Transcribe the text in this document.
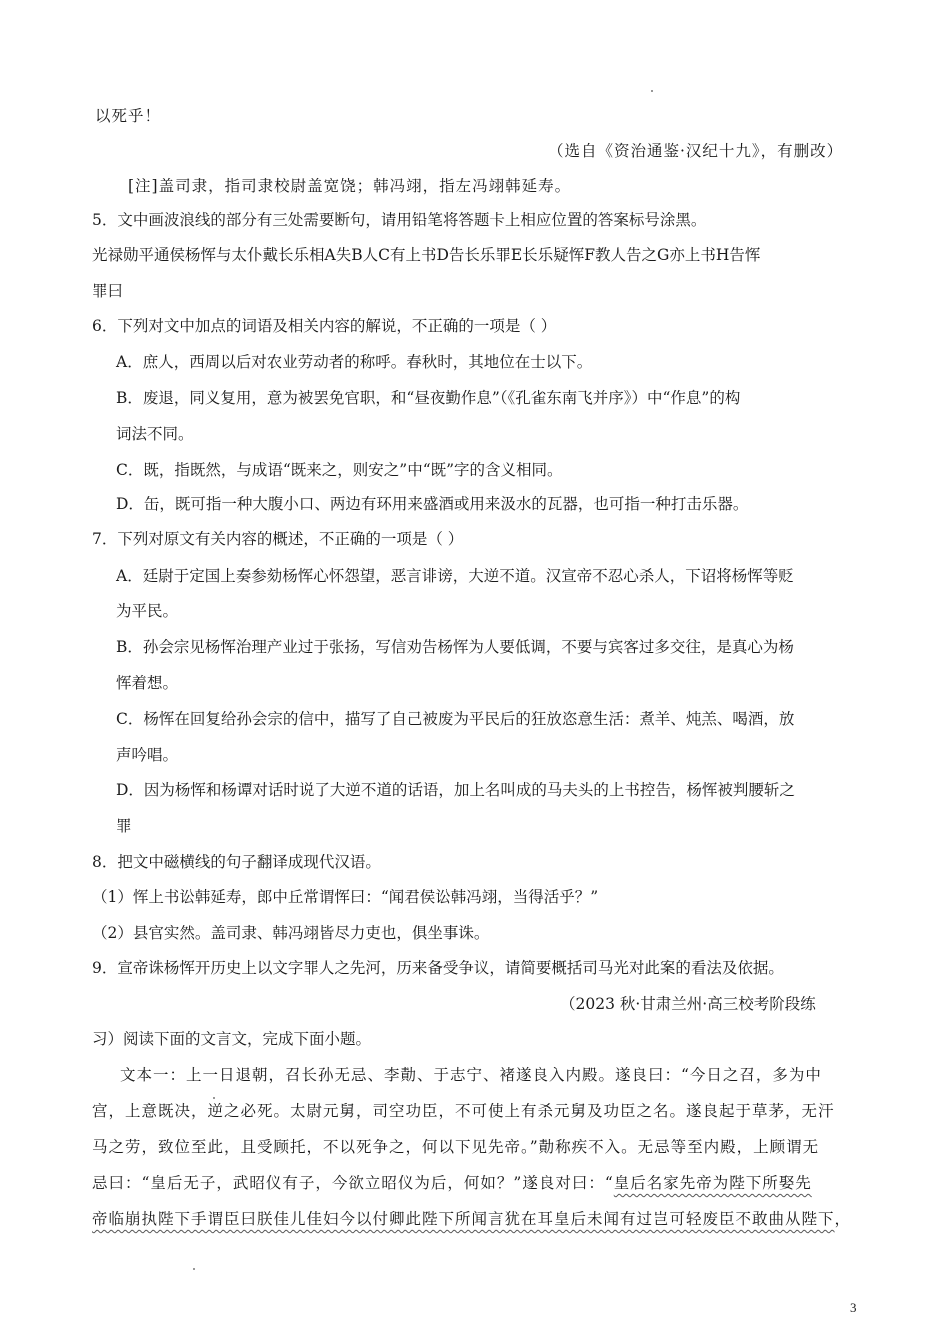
以死乎！
（选自《资治通鉴·汉纪十九》，有删改）
[注]盖司隶，指司隶校尉盖宽饶；韩冯翊，指左冯翊韩延寿。
5．文中画波浪线的部分有三处需要断句，请用铅笔将答题卡上相应位置的答案标号涂黑。
光禄勋平通侯杨恽与太仆戴长乐相A失B人C有上书D告长乐罪E长乐疑恽F教人告之G亦上书H告恽
罪曰
6．下列对文中加点的词语及相关内容的解说，不正确的一项是（ ）
A．庶人，西周以后对农业劳动者的称呼。春秋时，其地位在士以下。
B．废退，同义复用，意为被罢免官职，和“昼夜勤作息”（《孔雀东南飞并序》）中“作息”的构
词法不同。
C．既，指既然，与成语“既来之，则安之”中“既”字的含义相同。
D．缶，既可指一种大腹小口、两边有环用来盛酒或用来汲水的瓦器，也可指一种打击乐器。
7．下列对原文有关内容的概述，不正确的一项是（ ）
A．廷尉于定国上奏参劾杨恽心怀怨望，恶言诽谤，大逆不道。汉宣帝不忍心杀人，下诏将杨恽等贬
为平民。
B．孙会宗见杨恽治理产业过于张扬，写信劝告杨恽为人要低调，不要与宾客过多交往，是真心为杨
恽着想。
C．杨恽在回复给孙会宗的信中，描写了自己被废为平民后的狂放恣意生活：煮羊、炖羔、喝酒，放
声吟唱。
D．因为杨恽和杨谭对话时说了大逆不道的话语，加上名叫成的马夫头的上书控告，杨恽被判腰斩之
罪
8．把文中磁横线的句子翻译成现代汉语。
（1）恽上书讼韩延寿，郎中丘常谓恽曰：“闻君侯讼韩冯翊，当得活乎？”
（2）县官实然。盖司隶、韩冯翊皆尽力吏也，俱坐事诛。
9．宣帝诛杨恽开历史上以文字罪人之先河，历来备受争议，请简要概括司马光对此案的看法及依据。
（2023 秋·甘肃兰州·高三校考阶段练
习）阅读下面的文言文，完成下面小题。
文本一：上一日退朝，召长孙无忌、李勣、于志宁、褚遂良入内殿。遂良曰：“今日之召，多为中
宫，上意既决，逆之必死。太尉元舅，司空功臣，不可使上有杀元舅及功臣之名。遂良起于草茅，无汗
马之劳，致位至此，且受顾托，不以死争之，何以下见先帝。”勣称疾不入。无忌等至内殿，上顾谓无
忌曰：“皇后无子，武昭仪有子，今欲立昭仪为后，何如？”遂良对曰：“皇后名家先帝为陛下所娶先
帝临崩执陛下手谓臣曰朕佳儿佳妇今以付卿此陛下所闻言犹在耳皇后未闻有过岂可轻废臣不敢曲从陛下，
3
